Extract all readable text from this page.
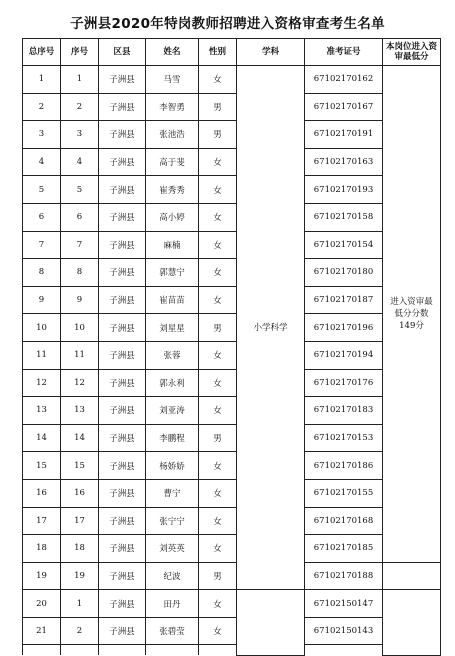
子洲县2020年特岗教师招聘进入资格审查考生名单
总序号	序号	区县	姓名	性别	学科	准考证号	本岗位进入资审最低分
1	1	子洲县	马雪	女	小学科学	67102170162	进入资审最低分分数149分
2	2	子洲县	李智勇	男		67102170167	
3	3	子洲县	张池浩	男		67102170191	
4	4	子洲县	高于斐	女		67102170163	
5	5	子洲县	崔秀秀	女		67102170193	
6	6	子洲县	高小婷	女		67102170158	
7	7	子洲县	麻楠	女		67102170154	
8	8	子洲县	郭慧宁	女		67102170180	
9	9	子洲县	崔苗苗	女		67102170187	
10	10	子洲县	刘星星	男		67102170196	
11	11	子洲县	张蓉	女		67102170194	
12	12	子洲县	郭永利	女		67102170176	
13	13	子洲县	刘亚涛	女		67102170183	
14	14	子洲县	李鹏程	男		67102170153	
15	15	子洲县	杨娇娇	女		67102170186	
16	16	子洲县	曹宁	女		67102170155	
17	17	子洲县	张宁宁	女		67102170168	
18	18	子洲县	刘英英	女		67102170185	
19	19	子洲县	纪波	男		67102170188	
20	1	子洲县	田丹	女		67102150147	
21	2	子洲县	张碧莹	女		67102150143	
